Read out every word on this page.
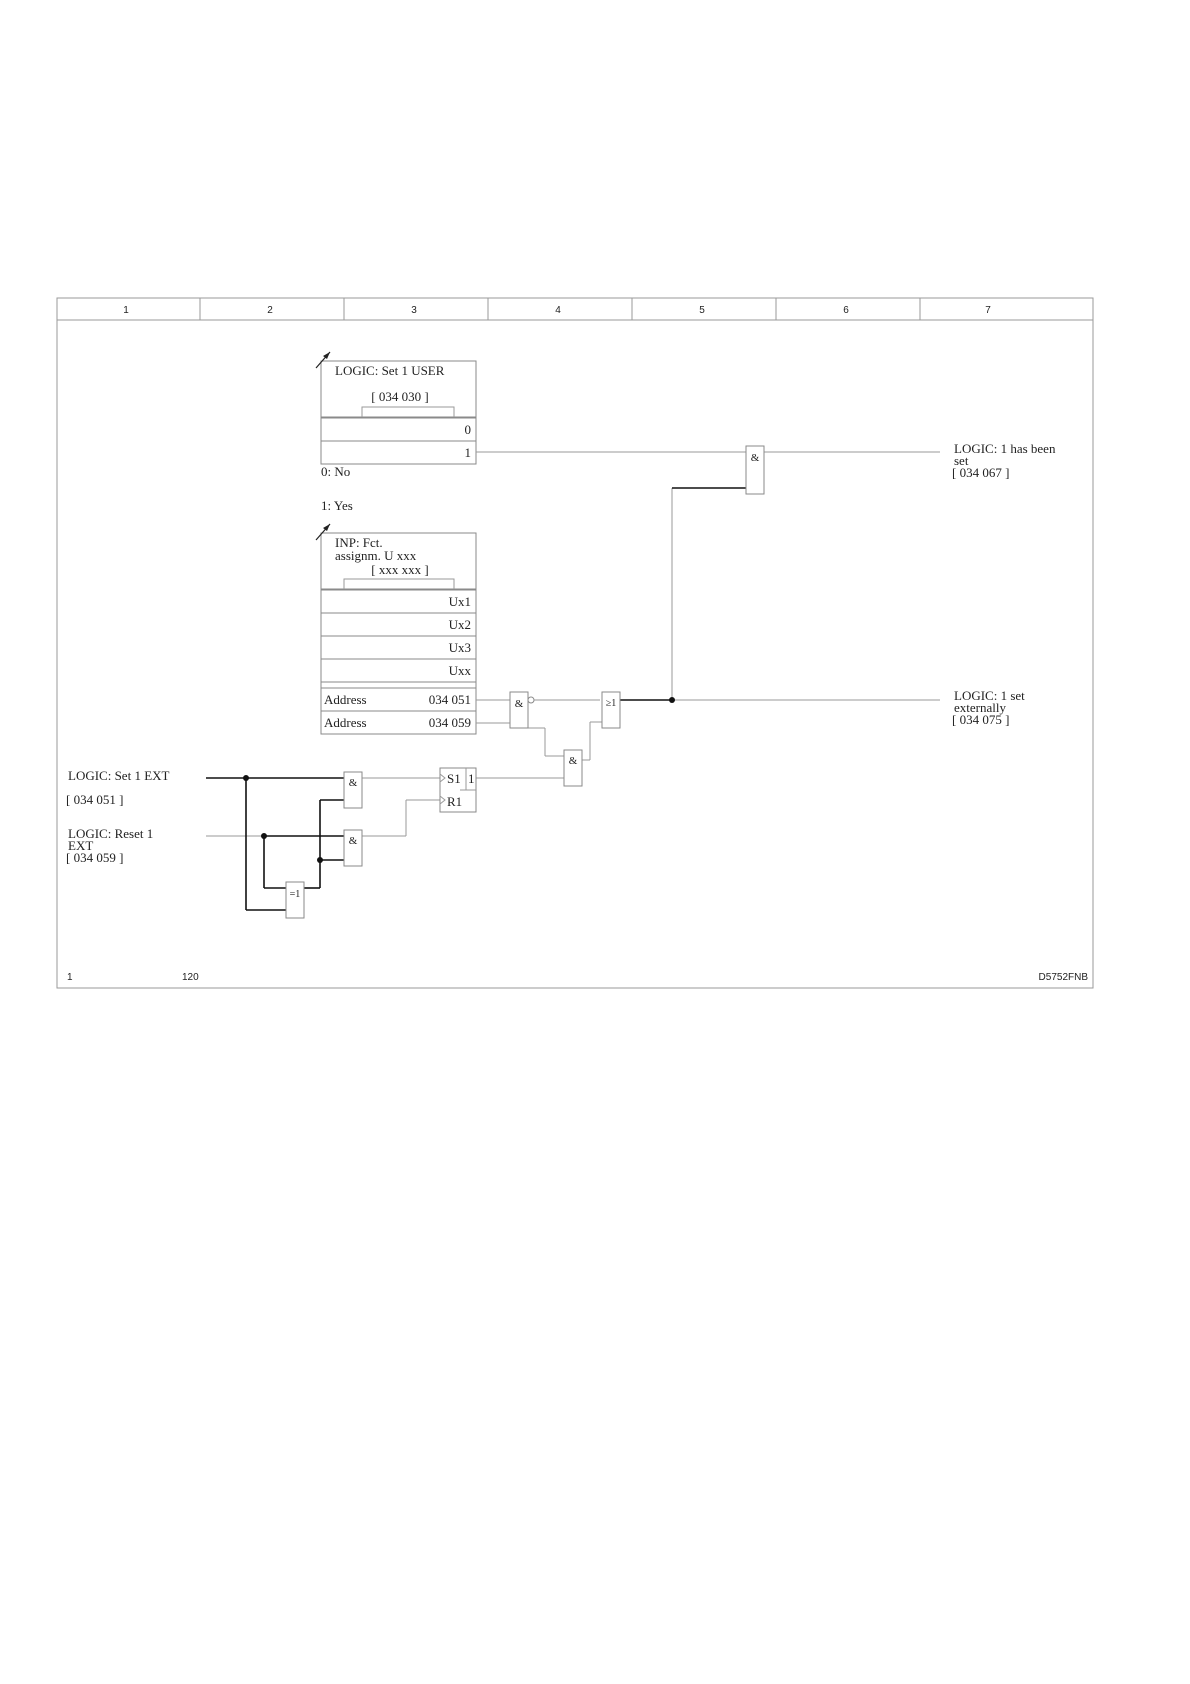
1	2	3	4	5	6	7
1	120	D5752FNB
LOGIC: Set 1 USER
[ 034 030 ]
0
1
0: No
1: Yes
INP: Fct.
assignm. U xxx
[ xxx xxx ]
Ux1
Ux2
Ux3
Uxx
Address	034 051
Address	034 059
LOGIC: Set 1 EXT
[ 034 051 ]
LOGIC: Reset 1
EXT
[ 034 059 ]
LOGIC: 1 has been
set
[ 034 067 ]
LOGIC: 1 set
externally
[ 034 075 ]
&
&	≥1
&
&
&
=1
S1
R1
1
